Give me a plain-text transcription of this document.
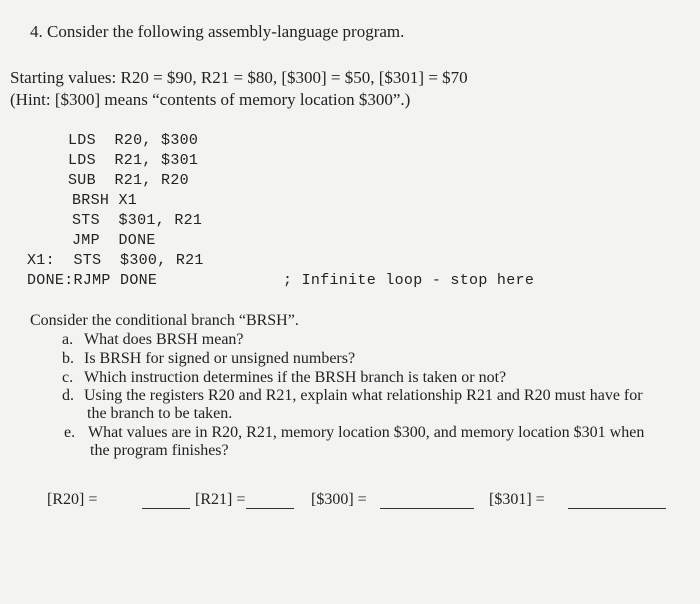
4. Consider the following assembly-language program.
Starting values: R20 = $90, R21 = $80, [$300] = $50, [$301] = $70
(Hint: [$300] means “contents of memory location $300”.)
LDS  R20, $300
LDS  R21, $301
SUB  R21, R20
BRSH X1
STS  $301, R21
JMP  DONE
X1:  STS  $300, R21
DONE:RJMP DONE	; Infinite loop - stop here
Consider the conditional branch “BRSH”.
a. What does BRSH mean?
b. Is BRSH for signed or unsigned numbers?
c. Which instruction determines if the BRSH branch is taken or not?
d. Using the registers R20 and R21, explain what relationship R21 and R20 must have for
the branch to be taken.
e. What values are in R20, R21, memory location $300, and memory location $301 when
the program finishes?
[R20] =	[R21] =	[$300] =	[$301] =
